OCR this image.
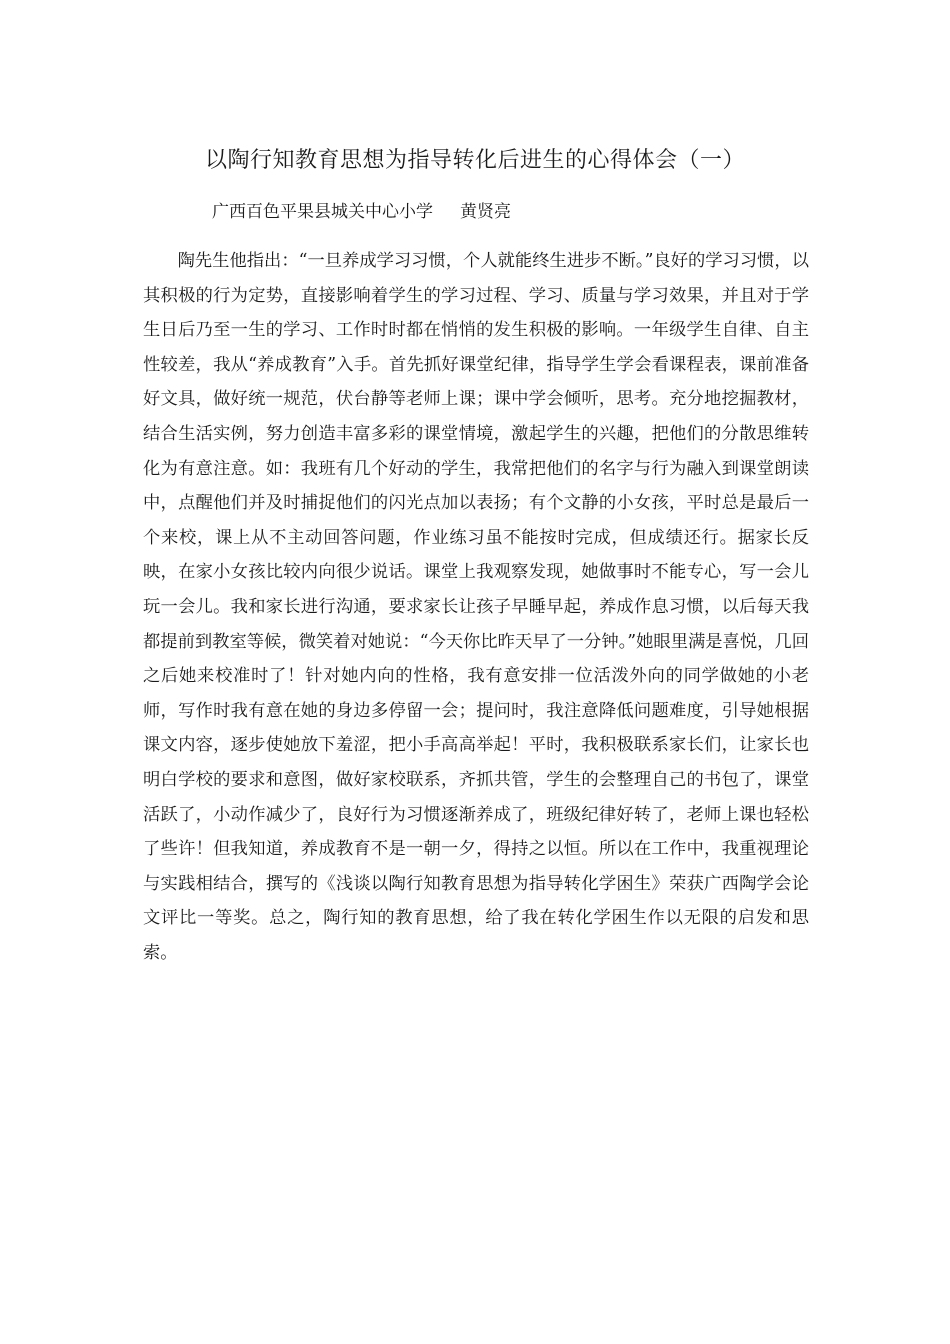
以陶行知教育思想为指导转化后进生的心得体会（一）
广西百色平果县城关中心小学     黄贤亮

陶先生他指出：“一旦养成学习习惯，个人就能终生进步不断。”良好的学习习惯，以其积极的行为定势，直接影响着学生的学习过程、学习、质量与学习效果，并且对于学生日后乃至一生的学习、工作时时都在悄悄的发生积极的影响。一年级学生自律、自主性较差，我从“养成教育”入手。首先抓好课堂纪律，指导学生学会看课程表，课前准备好文具，做好统一规范，伏台静等老师上课；课中学会倾听，思考。充分地挖掘教材，结合生活实例，努力创造丰富多彩的课堂情境，激起学生的兴趣，把他们的分散思维转化为有意注意。如：我班有几个好动的学生，我常把他们的名字与行为融入到课堂朗读中，点醒他们并及时捕捉他们的闪光点加以表扬；有个文静的小女孩，平时总是最后一个来校，课上从不主动回答问题，作业练习虽不能按时完成，但成绩还行。据家长反映，在家小女孩比较内向很少说话。课堂上我观察发现，她做事时不能专心，写一会儿玩一会儿。我和家长进行沟通，要求家长让孩子早睡早起，养成作息习惯，以后每天我都提前到教室等候，微笑着对她说：“今天你比昨天早了一分钟。”她眼里满是喜悦，几回之后她来校准时了！针对她内向的性格，我有意安排一位活泼外向的同学做她的小老师，写作时我有意在她的身边多停留一会；提问时，我注意降低问题难度，引导她根据课文内容，逐步使她放下羞涩，把小手高高举起！平时，我积极联系家长们，让家长也明白学校的要求和意图，做好家校联系，齐抓共管，学生的会整理自己的书包了，课堂活跃了，小动作减少了，良好行为习惯逐渐养成了，班级纪律好转了，老师上课也轻松了些许！但我知道，养成教育不是一朝一夕，得持之以恒。所以在工作中，我重视理论与实践相结合，撰写的《浅谈以陶行知教育思想为指导转化学困生》荣获广西陶学会论文评比一等奖。总之，陶行知的教育思想，给了我在转化学困生作以无限的启发和思索。
